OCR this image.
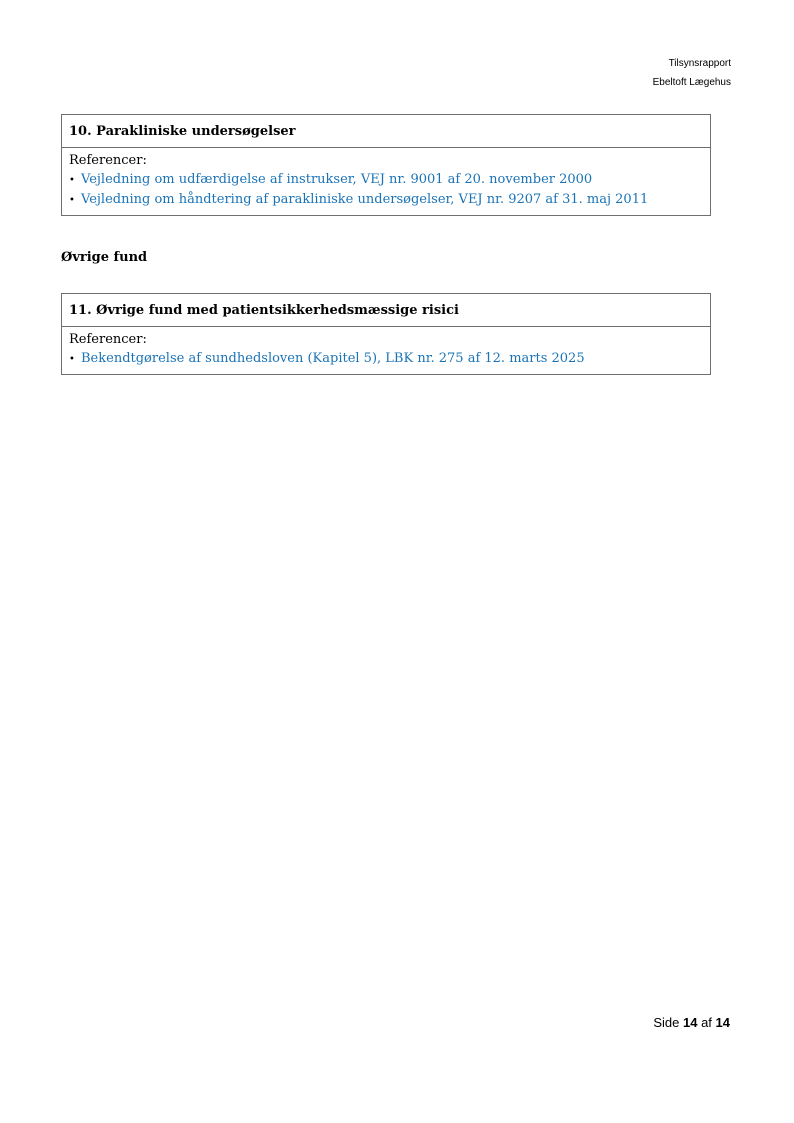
Tilsynsrapport
Ebeltoft Lægehus
10. Parakliniske undersøgelser
Referencer:
• Vejledning om udfærdigelse af instrukser, VEJ nr. 9001 af 20. november 2000
• Vejledning om håndtering af parakliniske undersøgelser, VEJ nr. 9207 af 31. maj 2011
Øvrige fund
11. Øvrige fund med patientsikkerhedsmæssige risici
Referencer:
• Bekendtgørelse af sundhedsloven (Kapitel 5), LBK nr. 275 af 12. marts 2025
Side 14 af 14
